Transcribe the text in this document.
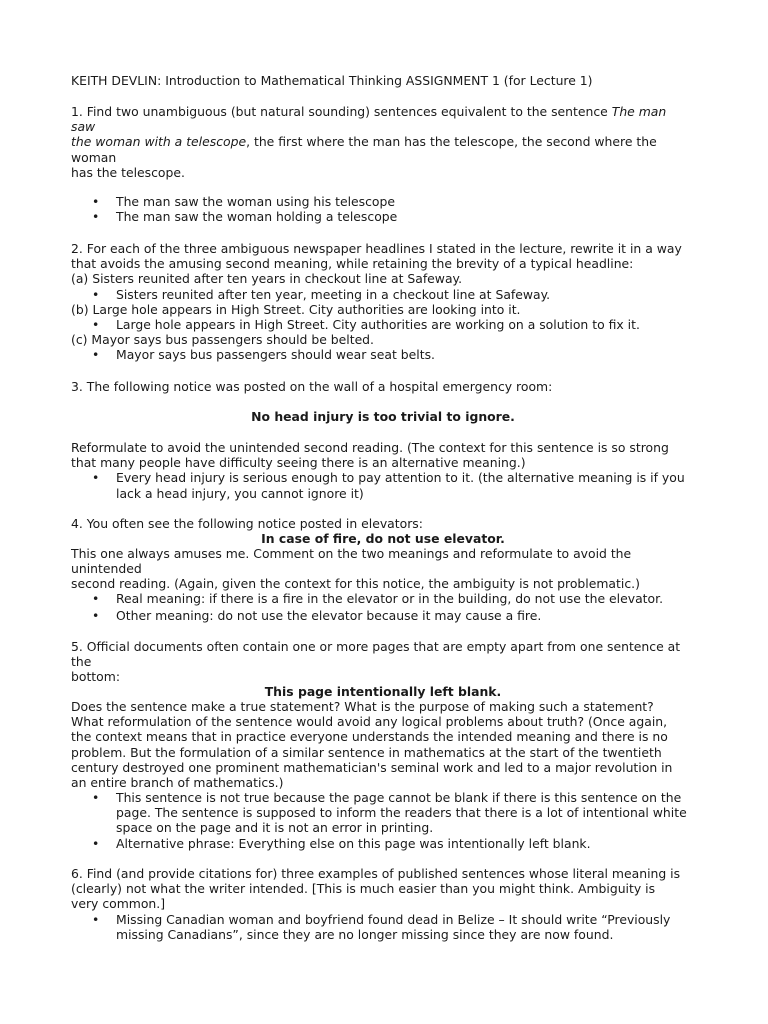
KEITH DEVLIN: Introduction to Mathematical Thinking ASSIGNMENT 1 (for Lecture 1)
1. Find two unambiguous (but natural sounding) sentences equivalent to the sentence The man
saw
the woman with a telescope, the first where the man has the telescope, the second where the
woman
has the telescope.
• The man saw the woman using his telescope
• The man saw the woman holding a telescope
2. For each of the three ambiguous newspaper headlines I stated in the lecture, rewrite it in a way
that avoids the amusing second meaning, while retaining the brevity of a typical headline:
(a) Sisters reunited after ten years in checkout line at Safeway.
• Sisters reunited after ten year, meeting in a checkout line at Safeway.
(b) Large hole appears in High Street. City authorities are looking into it.
• Large hole appears in High Street. City authorities are working on a solution to fix it.
(c) Mayor says bus passengers should be belted.
• Mayor says bus passengers should wear seat belts.
3. The following notice was posted on the wall of a hospital emergency room:
No head injury is too trivial to ignore.
Reformulate to avoid the unintended second reading. (The context for this sentence is so strong
that many people have difficulty seeing there is an alternative meaning.)
• Every head injury is serious enough to pay attention to it. (the alternative meaning is if you
lack a head injury, you cannot ignore it)
4. You often see the following notice posted in elevators:
In case of fire, do not use elevator.
This one always amuses me. Comment on the two meanings and reformulate to avoid the
unintended
second reading. (Again, given the context for this notice, the ambiguity is not problematic.)
• Real meaning: if there is a fire in the elevator or in the building, do not use the elevator.
• Other meaning: do not use the elevator because it may cause a fire.
5. Official documents often contain one or more pages that are empty apart from one sentence at
the
bottom:
This page intentionally left blank.
Does the sentence make a true statement? What is the purpose of making such a statement?
What reformulation of the sentence would avoid any logical problems about truth? (Once again,
the context means that in practice everyone understands the intended meaning and there is no
problem. But the formulation of a similar sentence in mathematics at the start of the twentieth
century destroyed one prominent mathematician's seminal work and led to a major revolution in
an entire branch of mathematics.)
• This sentence is not true because the page cannot be blank if there is this sentence on the
page. The sentence is supposed to inform the readers that there is a lot of intentional white
space on the page and it is not an error in printing.
• Alternative phrase: Everything else on this page was intentionally left blank.
6. Find (and provide citations for) three examples of published sentences whose literal meaning is
(clearly) not what the writer intended. [This is much easier than you might think. Ambiguity is
very common.]
• Missing Canadian woman and boyfriend found dead in Belize – It should write “Previously
missing Canadians”, since they are no longer missing since they are now found.
